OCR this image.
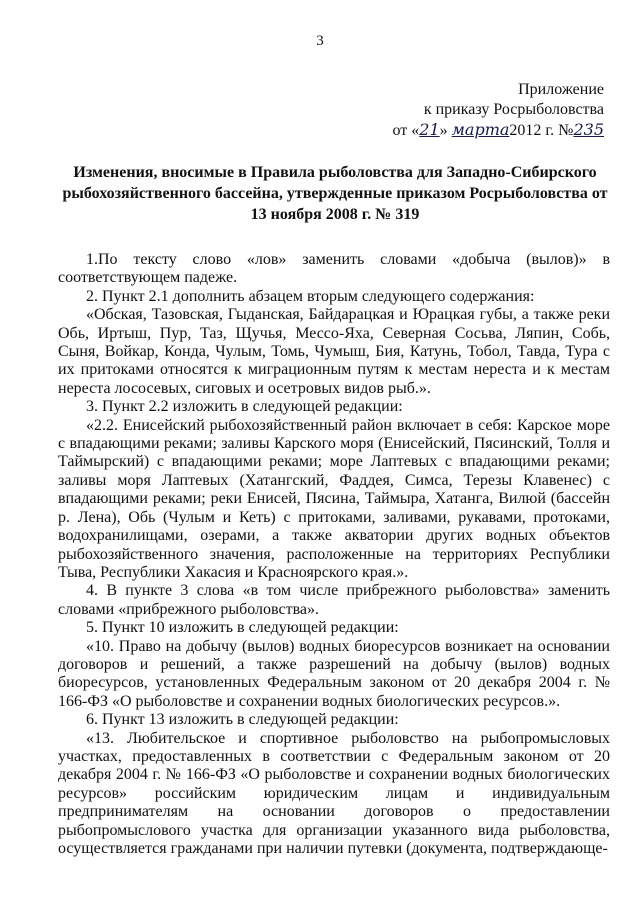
3
Приложение
к приказу Росрыболовства
от «21» марта2012 г. №235
Изменения, вносимые в Правила рыболовства для Западно-Сибирского рыбохозяйственного бассейна, утвержденные приказом Росрыболовства от 13 ноября 2008 г. № 319

1.По тексту слово «лов» заменить словами «добыча (вылов)» в соответствующем падеже.

2. Пункт 2.1 дополнить абзацем вторым следующего содержания:

«Обская, Тазовская, Гыданская, Байдарацкая и Юрацкая губы, а также реки Обь, Иртыш, Пур, Таз, Щучья, Мессо-Яха, Северная Сосьва, Ляпин, Собь, Сыня, Войкар, Конда, Чулым, Томь, Чумыш, Бия, Катунь, Тобол, Тавда, Тура с их притоками относятся к миграционным путям к местам нереста и к местам нереста лососевых, сиговых и осетровых видов рыб.».

3. Пункт 2.2 изложить в следующей редакции:

«2.2. Енисейский рыбохозяйственный район включает в себя: Карское море с впадающими реками; заливы Карского моря (Енисейский, Пясинский, Толля и Таймырский) с впадающими реками; море Лаптевых с впадающими реками; заливы моря Лаптевых (Хатангский, Фаддея, Симса, Терезы Клавенес) с впадающими реками; реки Енисей, Пясина, Таймыра, Хатанга, Вилюй (бассейн р. Лена), Обь (Чулым и Кеть) с притоками, заливами, рукавами, протоками, водохранилищами, озерами, а также акватории других водных объектов рыбохозяйственного значения, расположенные на территориях Республики Тыва, Республики Хакасия и Красноярского края.».

4. В пункте 3 слова «в том числе прибрежного рыболовства» заменить словами «прибрежного рыболовства».

5. Пункт 10 изложить в следующей редакции:

«10. Право на добычу (вылов) водных биоресурсов возникает на основании договоров и решений, а также разрешений на добычу (вылов) водных биоресурсов, установленных Федеральным законом от 20 декабря 2004 г. № 166-ФЗ «О рыболовстве и сохранении водных биологических ресурсов.».

6. Пункт 13 изложить в следующей редакции:

«13. Любительское и спортивное рыболовство на рыбопромысловых участках, предоставленных в соответствии с Федеральным законом от 20 декабря 2004 г. № 166-ФЗ «О рыболовстве и сохранении водных биологических ресурсов» российским юридическим лицам и индивидуальным предпринимателям на основании договоров о предоставлении рыбопромыслового участка для организации указанного вида рыболовства, осуществляется гражданами при наличии путевки (документа, подтверждающе-
